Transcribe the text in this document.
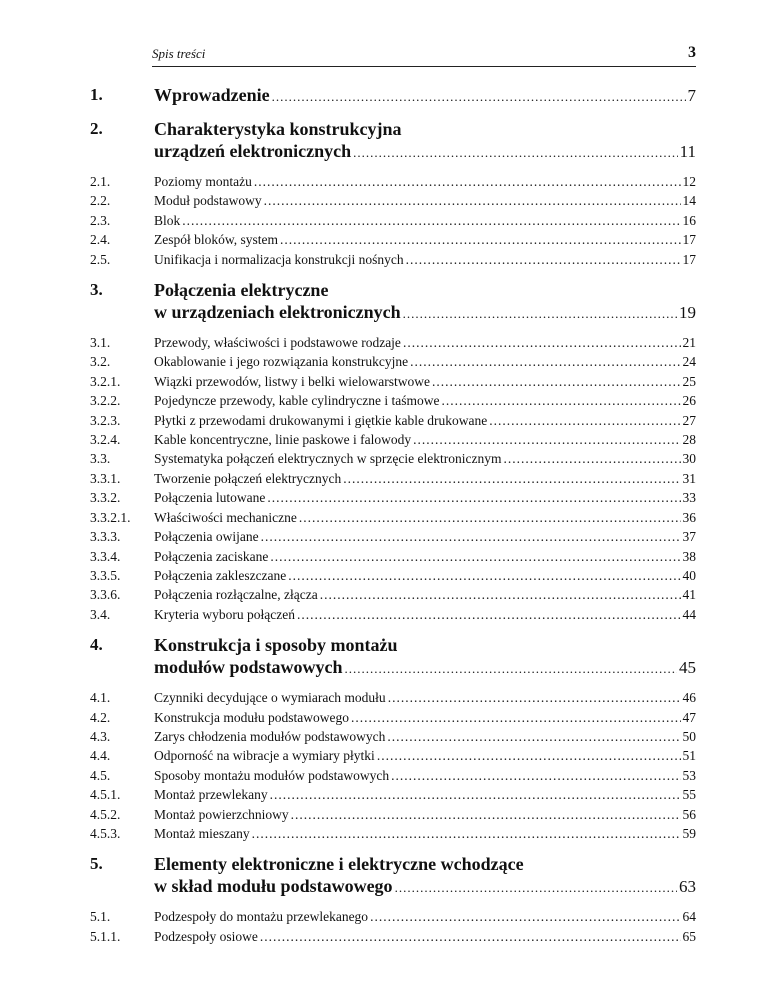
Spis treści	3
1.	Wprowadzenie .....	7
2.	Charakterystyka konstrukcyjna
urządzeń elektronicznych .....	11
2.1.	Poziomy montażu .....	12
2.2.	Moduł podstawowy .....	14
2.3.	Blok .....	16
2.4.	Zespół bloków, system .....	17
2.5.	Unifikacja i normalizacja konstrukcji nośnych .....	17
3.	Połączenia elektryczne
w urządzeniach elektronicznych .....	19
3.1.	Przewody, właściwości i podstawowe rodzaje .....	21
3.2.	Okablowanie i jego rozwiązania konstrukcyjne .....	24
3.2.1. Wiązki przewodów, listwy i belki wielowarstwowe .....	25
3.2.2. Pojedyncze przewody, kable cylindryczne i taśmowe .....	26
3.2.3. Płytki z przewodami drukowanymi i giętkie kable drukowane .....	27
3.2.4. Kable koncentryczne, linie paskowe i falowody .....	28
3.3.	Systematyka połączeń elektrycznych w sprzęcie elektronicznym .....	30
3.3.1. Tworzenie połączeń elektrycznych .....	31
3.3.2. Połączenia lutowane .....	33
3.3.2.1. Właściwości mechaniczne .....	36
3.3.3. Połączenia owijane .....	37
3.3.4. Połączenia zaciskane .....	38
3.3.5. Połączenia zakleszczane .....	40
3.3.6. Połączenia rozłączalne, złącza .....	41
3.4.	Kryteria wyboru połączeń .....	44
4.	Konstrukcja i sposoby montażu
modułów podstawowych .....	45
4.1.	Czynniki decydujące o wymiarach modułu .....	46
4.2.	Konstrukcja modułu podstawowego .....	47
4.3.	Zarys chłodzenia modułów podstawowych .....	50
4.4.	Odporność na wibracje a wymiary płytki .....	51
4.5.	Sposoby montażu modułów podstawowych .....	53
4.5.1. Montaż przewlekany .....	55
4.5.2. Montaż powierzchniowy .....	56
4.5.3. Montaż mieszany .....	59
5.	Elementy elektroniczne i elektryczne wchodzące
w skład modułu podstawowego .....	63
5.1.	Podzespoły do montażu przewlekanego .....	64
5.1.1. Podzespoły osiowe .....	65
